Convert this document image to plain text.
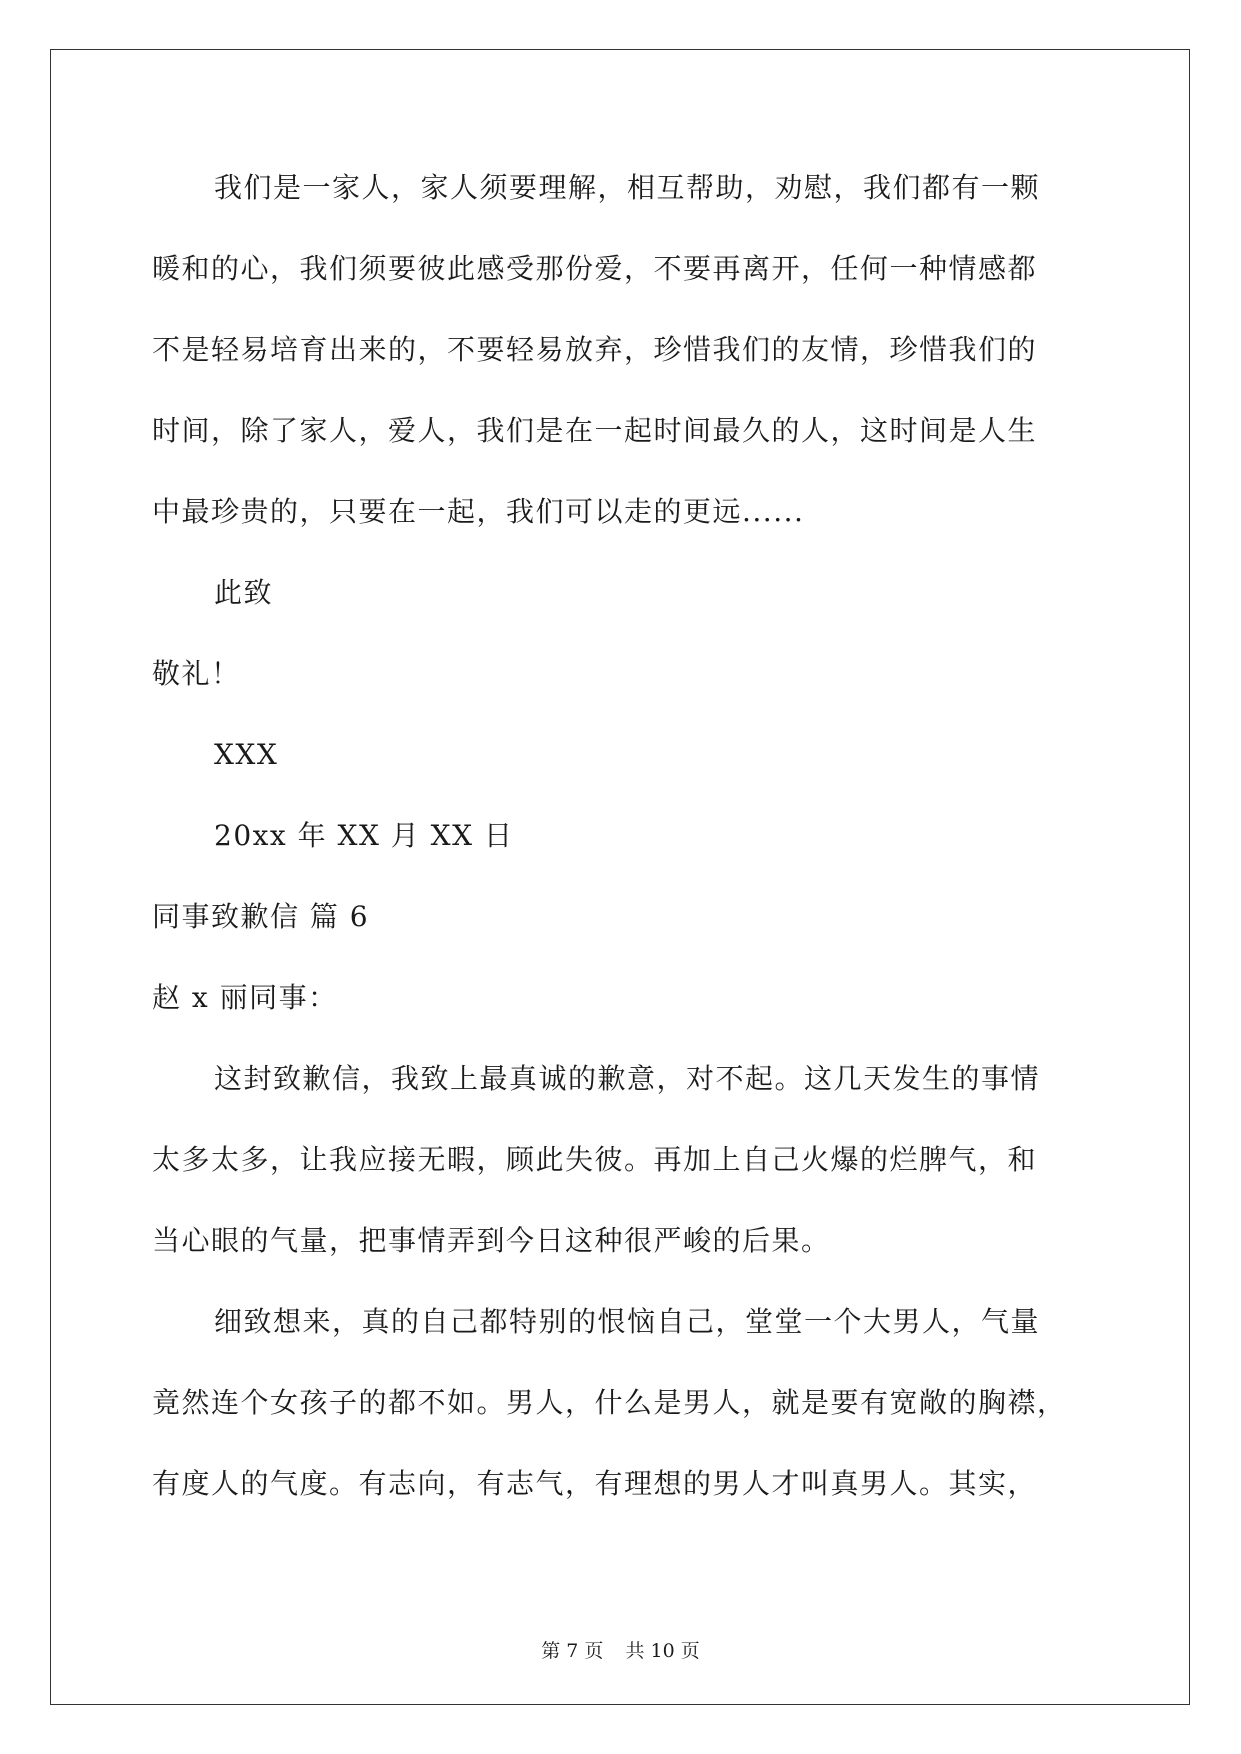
我们是一家人，家人须要理解，相互帮助，劝慰，我们都有一颗
暖和的心，我们须要彼此感受那份爱，不要再离开，任何一种情感都
不是轻易培育出来的，不要轻易放弃，珍惜我们的友情，珍惜我们的
时间，除了家人，爱人，我们是在一起时间最久的人，这时间是人生
中最珍贵的，只要在一起，我们可以走的更远......
此致
敬礼！
XXX
20xx 年 XX 月 XX 日
同事致歉信 篇 6
赵 x 丽同事：
这封致歉信，我致上最真诚的歉意，对不起。这几天发生的事情
太多太多，让我应接无暇，顾此失彼。再加上自己火爆的烂脾气，和
当心眼的气量，把事情弄到今日这种很严峻的后果。
细致想来，真的自己都特别的恨恼自己，堂堂一个大男人，气量
竟然连个女孩子的都不如。男人，什么是男人，就是要有宽敞的胸襟，
有度人的气度。有志向，有志气，有理想的男人才叫真男人。其实，
第 7 页 共 10 页
